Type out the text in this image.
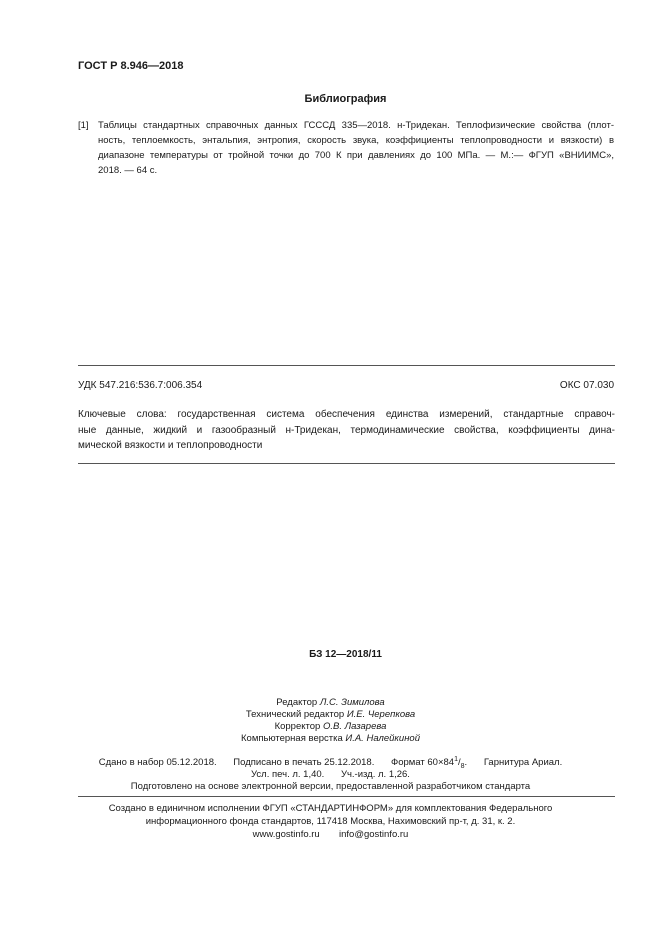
ГОСТ Р 8.946—2018
Библиография
[1] Таблицы стандартных справочных данных ГСССД 335—2018. н-Тридекан. Теплофизические свойства (плот-
ность, теплоемкость, энтальпия, энтропия, скорость звука, коэффициенты теплопроводности и вязкости) в
диапазоне температуры от тройной точки до 700 К при давлениях до 100 МПа. — М.:— ФГУП «ВНИИМС»,
2018. — 64 с.
УДК 547.216:536.7:006.354	ОКС 07.030
Ключевые слова: государственная система обеспечения единства измерений, стандартные справоч-
ные данные, жидкий и газообразный н-Тридекан, термодинамические свойства, коэффициенты дина-
мической вязкости и теплопроводности
БЗ 12—2018/11
Редактор Л.С. Зимилова
Технический редактор И.Е. Черепкова
Корректор О.В. Лазарева
Компьютерная верстка И.А. Налейкиной
Сдано в набор 05.12.2018. Подписано в печать 25.12.2018. Формат $60\times 84^1/_8$. Гарнитура Ариал.
Усл. печ. л. 1,40. Уч.-изд. л. 1,26.
Подготовлено на основе электронной версии, предоставленной разработчиком стандарта
Создано в единичном исполнении ФГУП «СТАНДАРТИНФОРМ» для комплектования Федерального
информационного фонда стандартов, 117418 Москва, Нахимовский пр-т, д. 31, к. 2.
www.gostinfo.ru info@gostinfo.ru
